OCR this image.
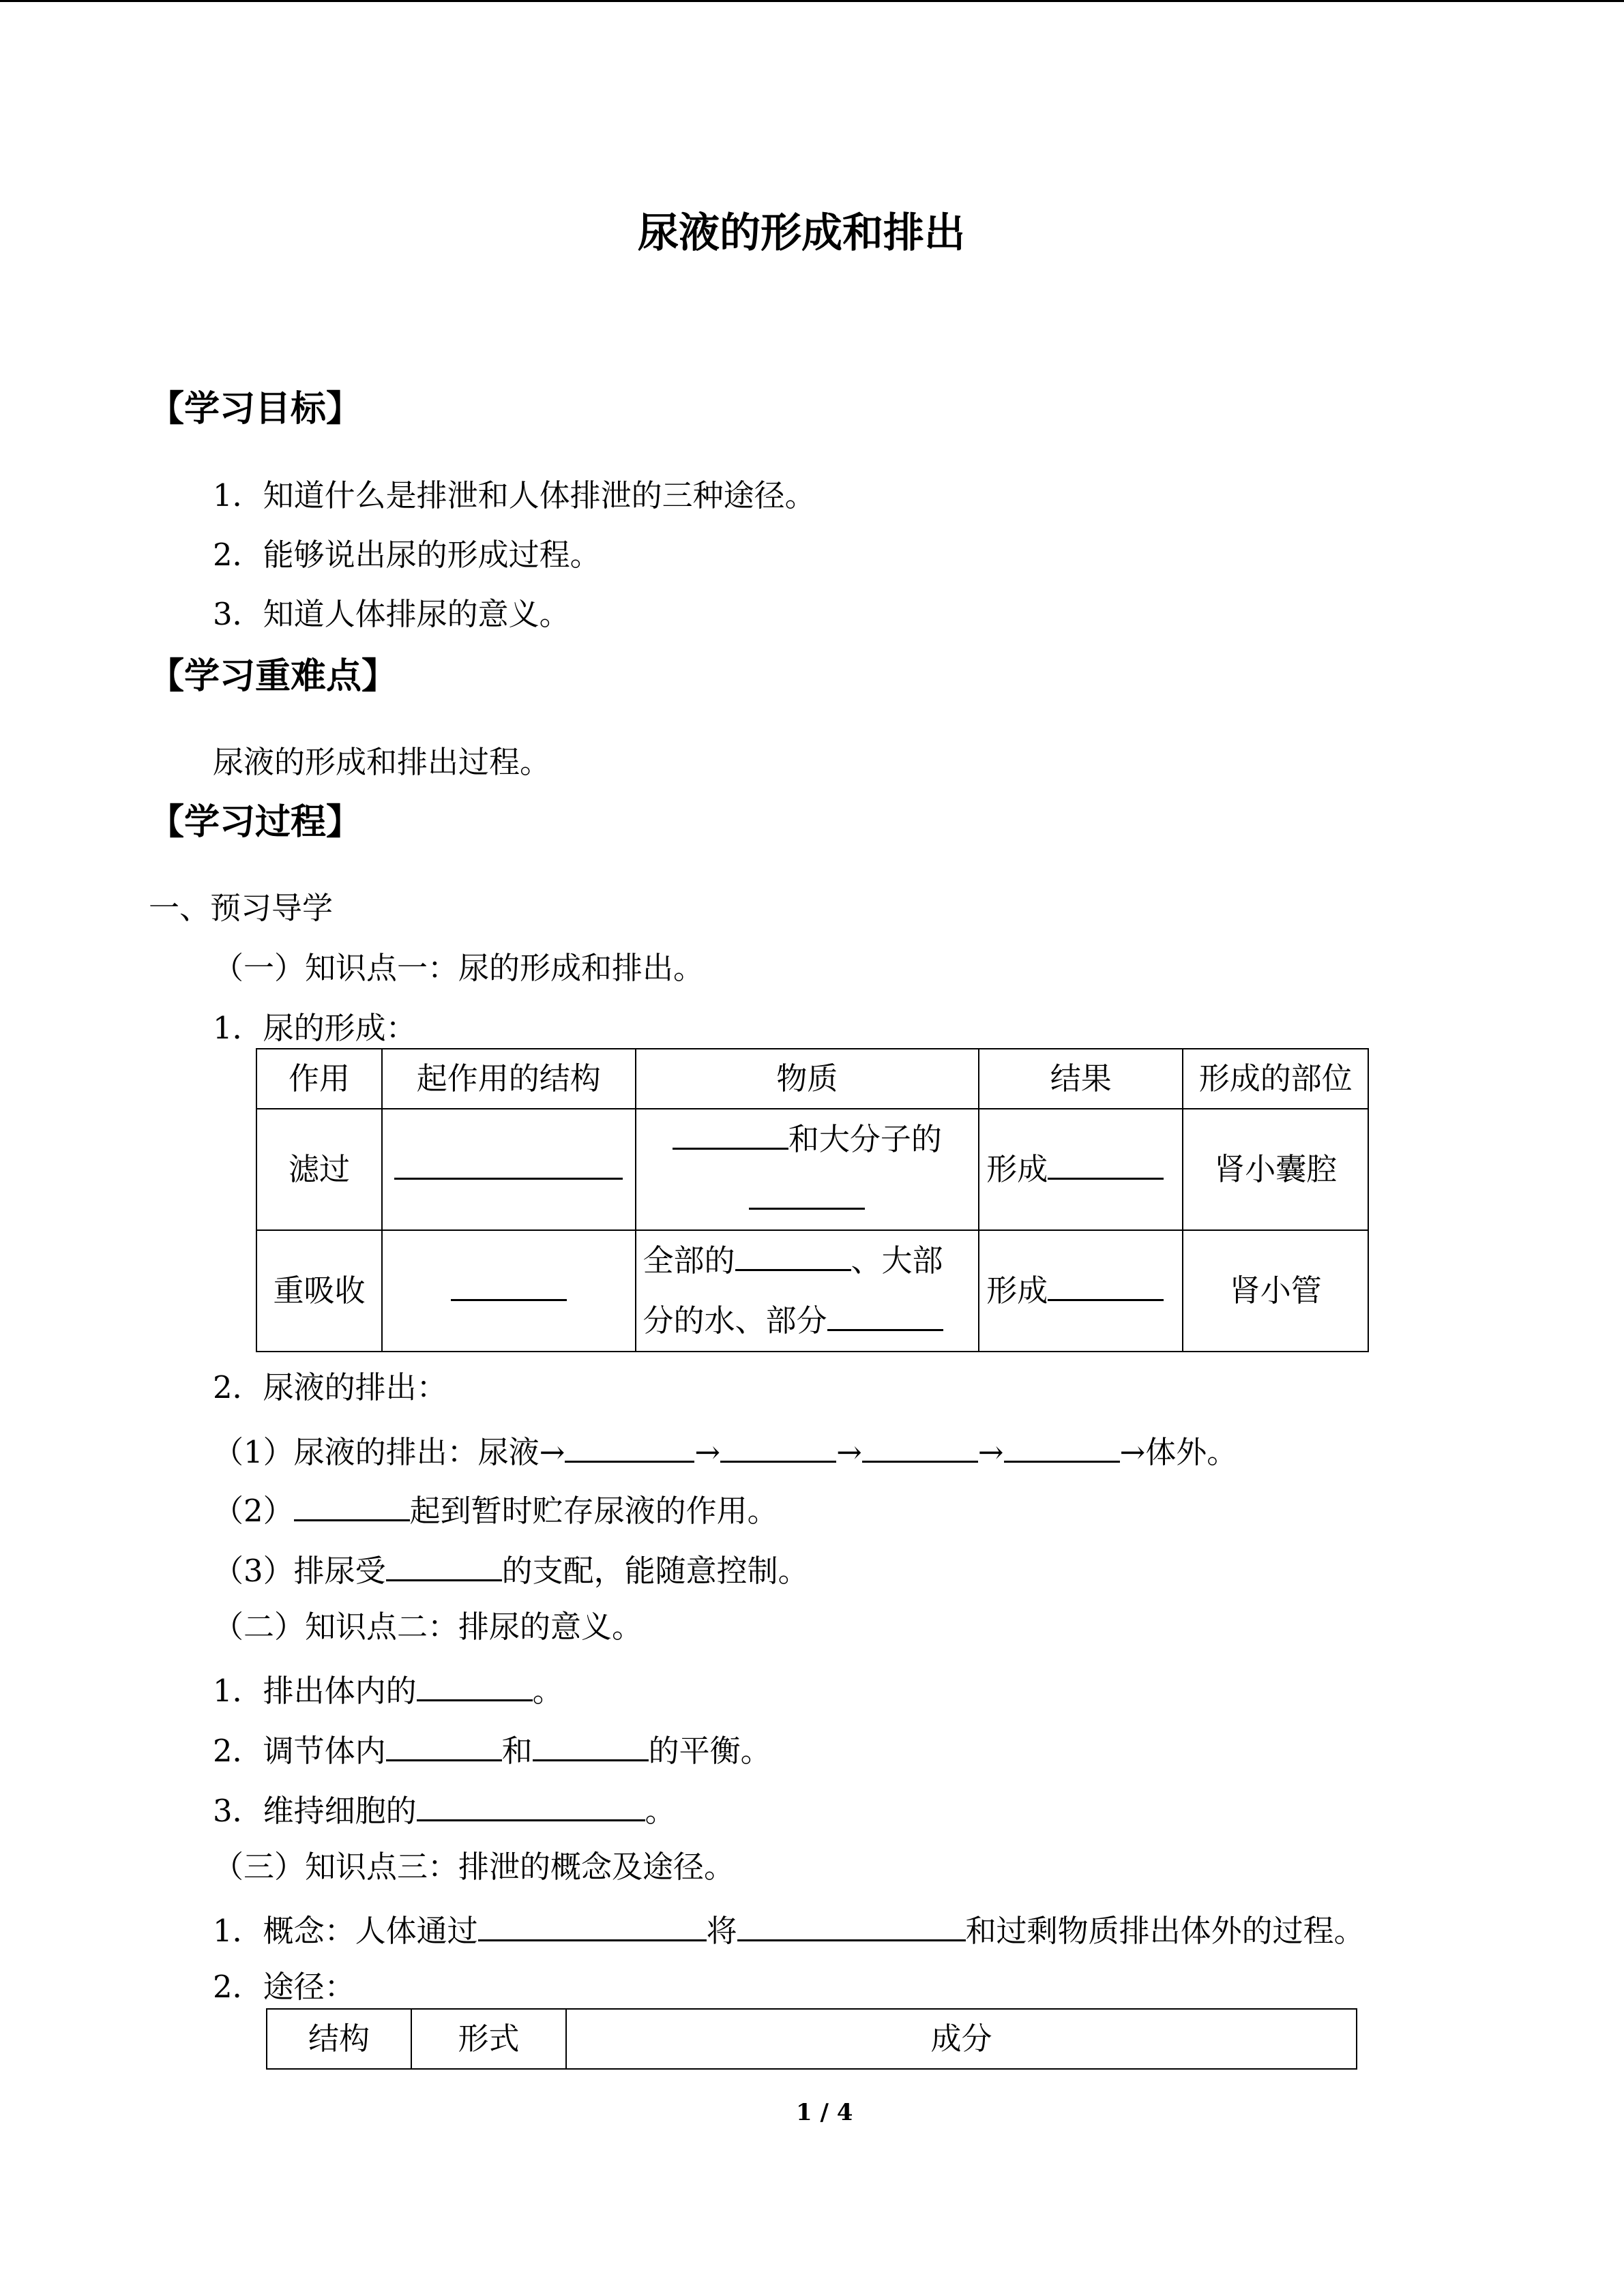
尿液的形成和排出
【学习目标】
1．知道什么是排泄和人体排泄的三种途径。
2．能够说出尿的形成过程。
3．知道人体排尿的意义。
【学习重难点】
尿液的形成和排出过程。
【学习过程】
一、预习导学
（一）知识点一：尿的形成和排出。
1．尿的形成：
作用	起作用的结构	物质	结果	形成的部位
滤过		和大分子的	形成	肾小囊腔
重吸收		全部的 、大部
分的水、部分	形成	肾小管
2．尿液的排出：
（1）尿液的排出：尿液→	→	→	→	→体外。
（2）	起到暂时贮存尿液的作用。
（3）排尿受	的支配，能随意控制。
（二）知识点二：排尿的意义。
1．排出体内的	。
2．调节体内	和	的平衡。
3．维持细胞的	。
（三）知识点三：排泄的概念及途径。
1．概念：人体通过	将	和过剩物质排出体外的过程。
2．途径：
结构	形式	成分
1 / 4
